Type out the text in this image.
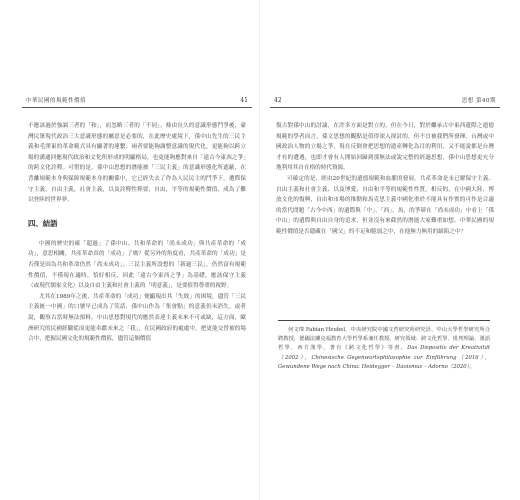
中華民國的規範性價值	41

不應該過於強調三者的「和」，而忽略三者的「不同」。條由長久的意識形態鬥爭後，臺灣民眾現代政治三大意識形態的屬意是必要的，在此歷史處境下，孫中山先生的三民主義和毛澤東的革命範式具有顯著的連繫；兩者要能夠調整意識的現代化，更能夠以跨立場的溝通回應現代政治和文化所形成的明顯格局，也更能夠應對來自「遠古今東西之爭」的跨文化詮釋。可惜的是，孫中山思想的潛能被「三民主義」的意識形態化所遮蔽，在背離規範本身與保障規範本身的關係中，它已經失去了作為人民民主的鬥爭下，遭際保守主義，自由主義，社會主義，以及詮釋性釋要，自由，平等的規範性價值，成為了難以登陸的世界夢。

四、結語

中國的歷史的確「超過」了孫中山、共和革命的「尚未成功」與共產革命的「成功」，意思相關，共產革命真的「成功」了嗎？從另外的角度看，共產革命的「成功」是否僅是因為共和革命仍然「尚未成功」。三民主義所設想的「新過三民」，仍然富有規範性價值，不僅現在適時，恰好相反，因此「遠古今東西之爭」為基礎，應該保守主義（或現代儒家文化）以及自由主義和社會主義的「明意義」，是要值得尊重的視野。

尤其在1989年之後，共產革命的「成功」便顯現出其「失敗」的困境，儘管「三民主義統一中國」的口號早已成為了笑話，孫中山作為「集會點」的意義仍未消失。或者說，觀察古當時無法預料，中山思想對現代的應然表達主義未來不可或缺，這方面，歐洲研究的民國經驗從而更能奉獻未來之「我」，在民國政府的處處中，把更能交替被的場合中，把握民國文化的規範性價值，儘管這個價值

42	思想 第40期

復古對孫中山的討論，在許多方面是對立的。但在今日，對於繼承古中東西遺際之遺德規範的學者而言，孫文思想的觀點是值得深入探討的，但不宜被我們所發揮。台灣或中國政治人物的立場之爭，現在反倒會把思想的遺產轉化為目的利用，又不能說都是台灣才有的遭遇，也即才會有人開始回歸到那無法或說完整的經過思想，孫中山思想更充分地利用其自在格的時代資源。

可確定的是，經由20世紀的遺德規範和血脈的發展，共產革命是未已解保守主義、自由主義和社會主義、以及博愛、自由和平等的規範性性質。相反的，在中國大陸，博放文化的復興，自由和市場的推動和馬克思主義中國化重於不能具有作實的可作是合適的當代問題「古今中西」的遺際與「中」、「西」，馬，的爭辯在「尚未成功」中看上「孫中山」的遺際與自由自身的追求，但並沒有來截然的潛能大家難重如想。中華民國的規範性價值是否隱藏在「國父」的不足和脆弱之中，在他無力無用的缺陷之中？

何文瑋 Fabian Heubel，中央研究院中國文哲研究所研究員、中山大學哲學研究所合聘教授，德國法蘭克福教育大學哲學系兼任教授，研究領域：跨文化哲學、批判理論、漢語哲學、西方漢學，著有《跨文化哲學》等書，Das Dispositiv der Kreativität（2002），Chinesische Gegenwartsphilosophie zur Einführung（2016），Gewundene Wege nach China: Heidegger – Daoismus – Adorno（2020）。
